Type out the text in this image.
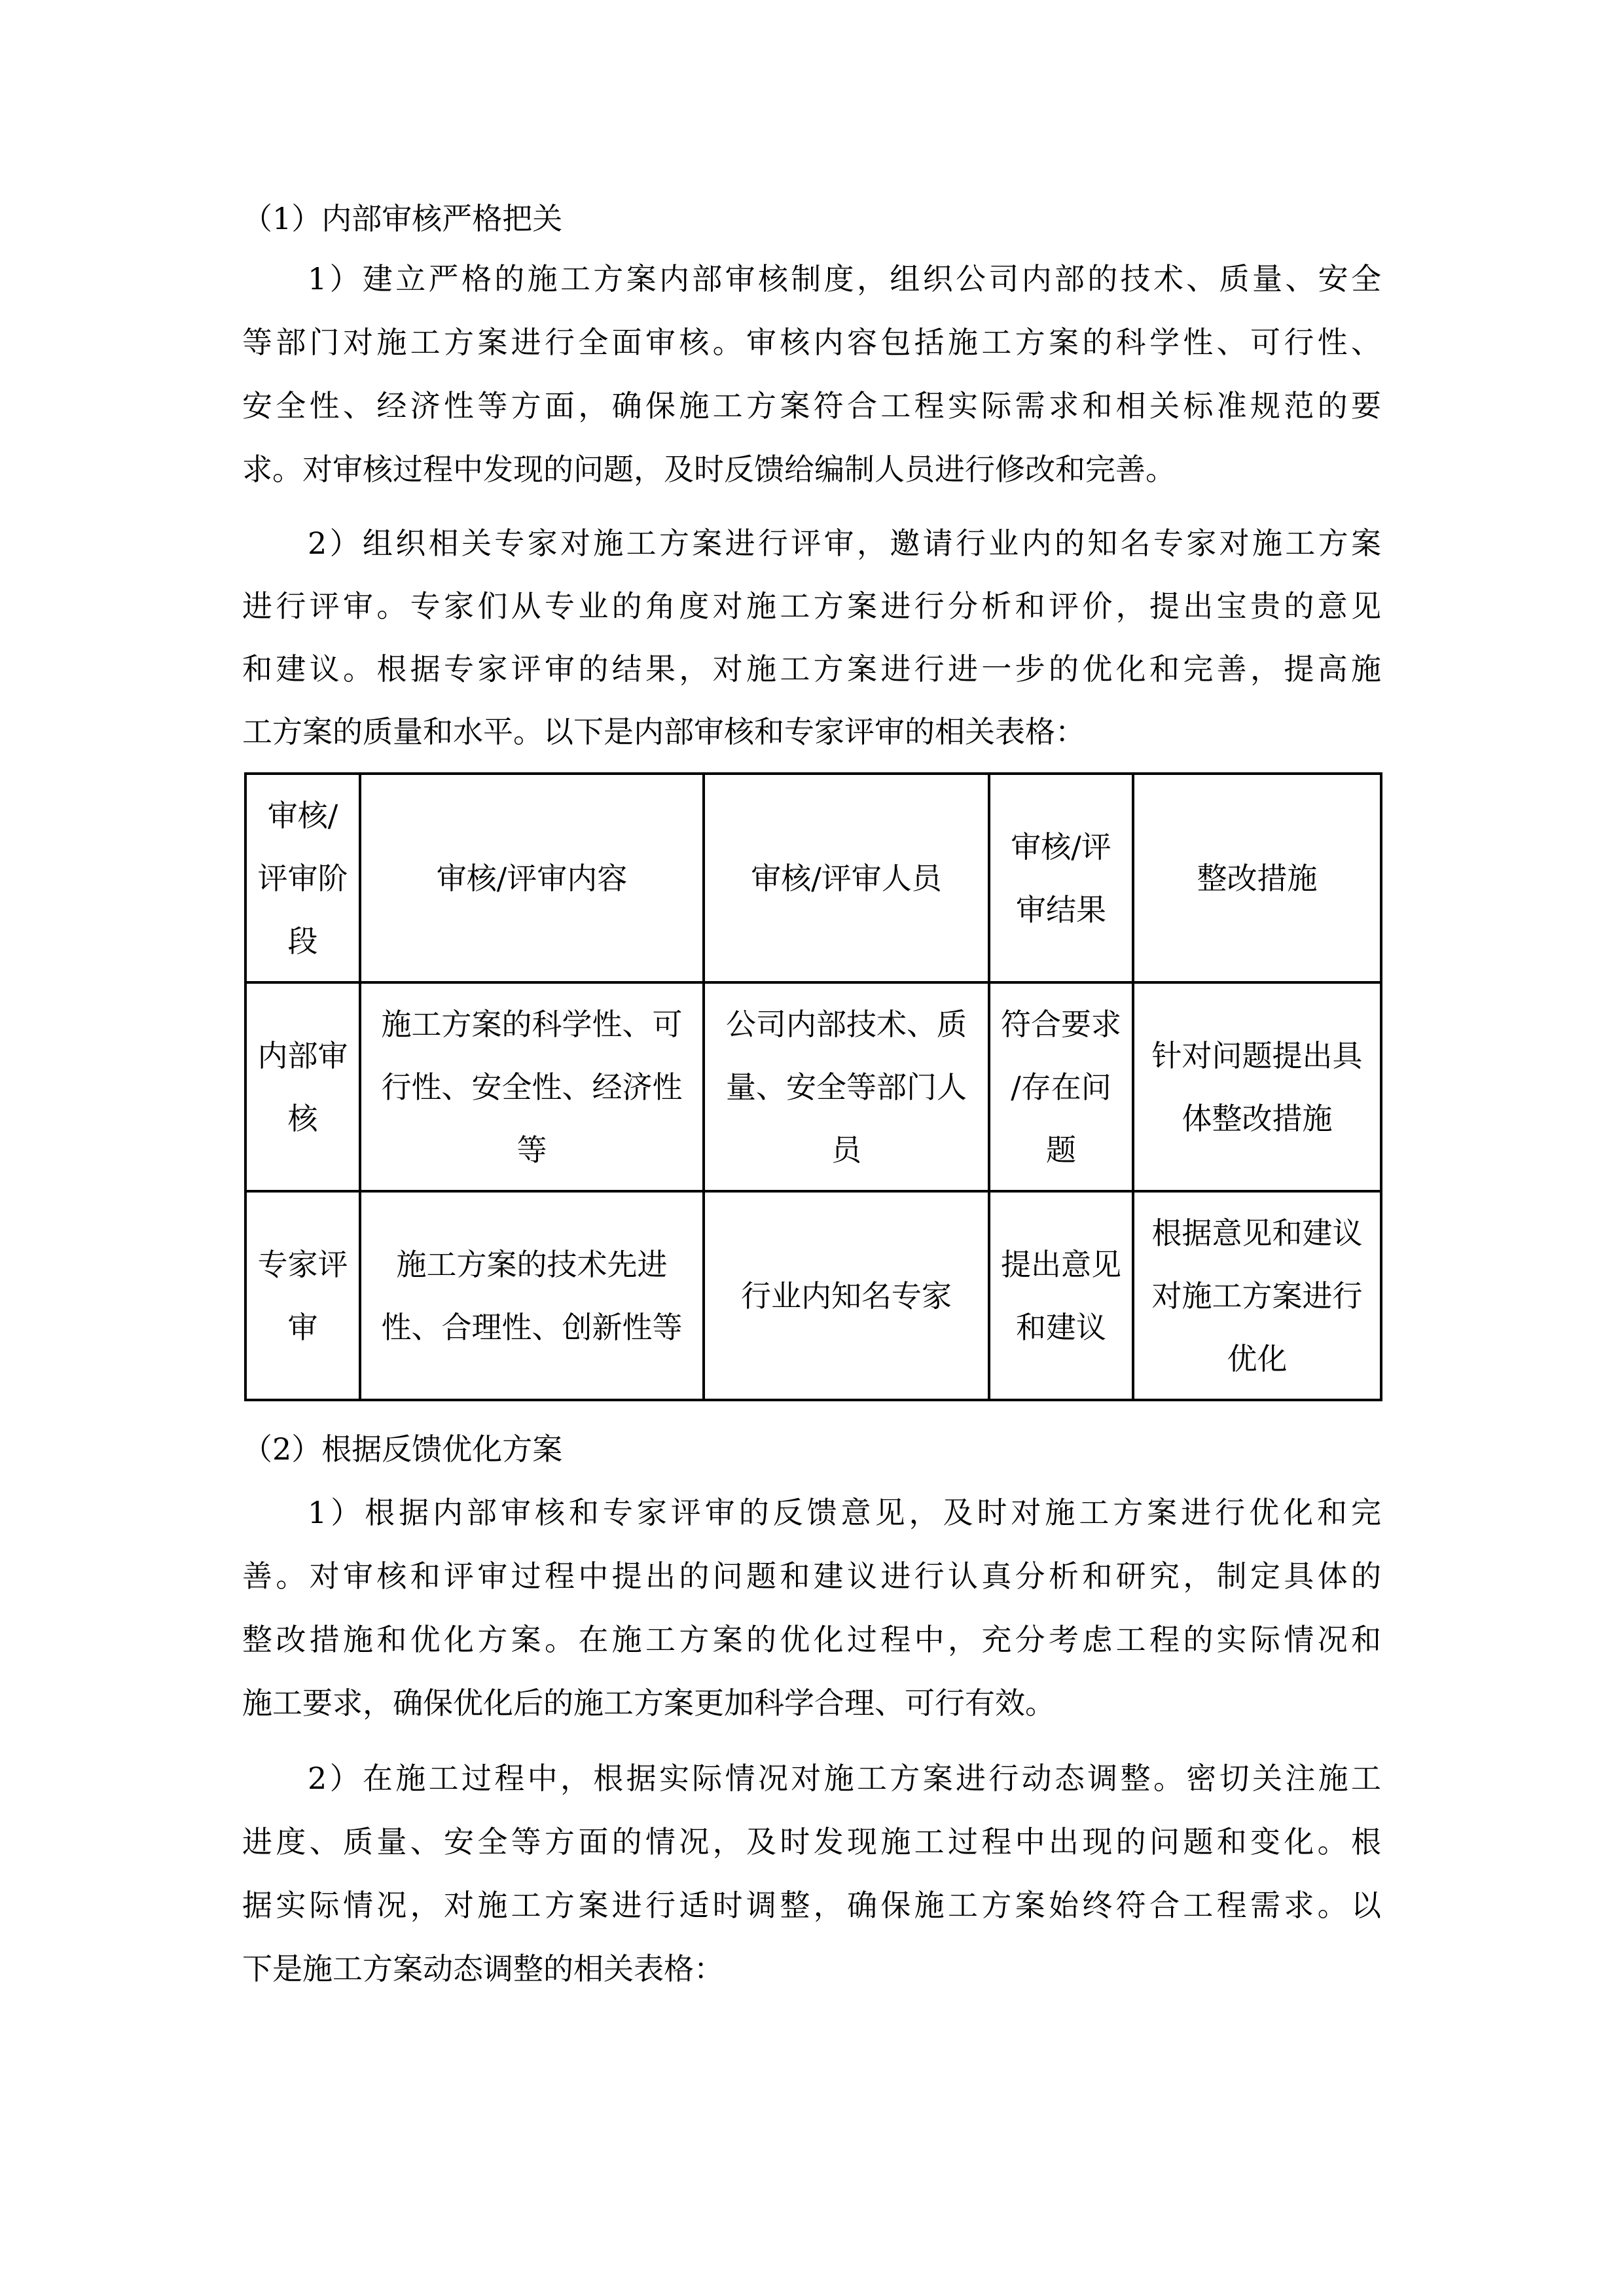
（1）内部审核严格把关
1）建立严格的施工方案内部审核制度，组织公司内部的技术、质量、安全
等部门对施工方案进行全面审核。审核内容包括施工方案的科学性、可行性、
安全性、经济性等方面，确保施工方案符合工程实际需求和相关标准规范的要
求。对审核过程中发现的问题，及时反馈给编制人员进行修改和完善。
2）组织相关专家对施工方案进行评审，邀请行业内的知名专家对施工方案
进行评审。专家们从专业的角度对施工方案进行分析和评价，提出宝贵的意见
和建议。根据专家评审的结果，对施工方案进行进一步的优化和完善，提高施
工方案的质量和水平。以下是内部审核和专家评审的相关表格：
审核/
评审阶
段	审核/评审内容	审核/评审人员	审核/评
审结果	整改措施

内部审
核	施工方案的科学性、可
行性、安全性、经济性
等	公司内部技术、质
量、安全等部门人
员	符合要求
/存在问
题	针对问题提出具
体整改措施

专家评
审	施工方案的技术先进
性、合理性、创新性等	行业内知名专家	提出意见
和建议	根据意见和建议
对施工方案进行
优化
（2）根据反馈优化方案
1）根据内部审核和专家评审的反馈意见，及时对施工方案进行优化和完
善。对审核和评审过程中提出的问题和建议进行认真分析和研究，制定具体的
整改措施和优化方案。在施工方案的优化过程中，充分考虑工程的实际情况和
施工要求，确保优化后的施工方案更加科学合理、可行有效。
2）在施工过程中，根据实际情况对施工方案进行动态调整。密切关注施工
进度、质量、安全等方面的情况，及时发现施工过程中出现的问题和变化。根
据实际情况，对施工方案进行适时调整，确保施工方案始终符合工程需求。以
下是施工方案动态调整的相关表格：
